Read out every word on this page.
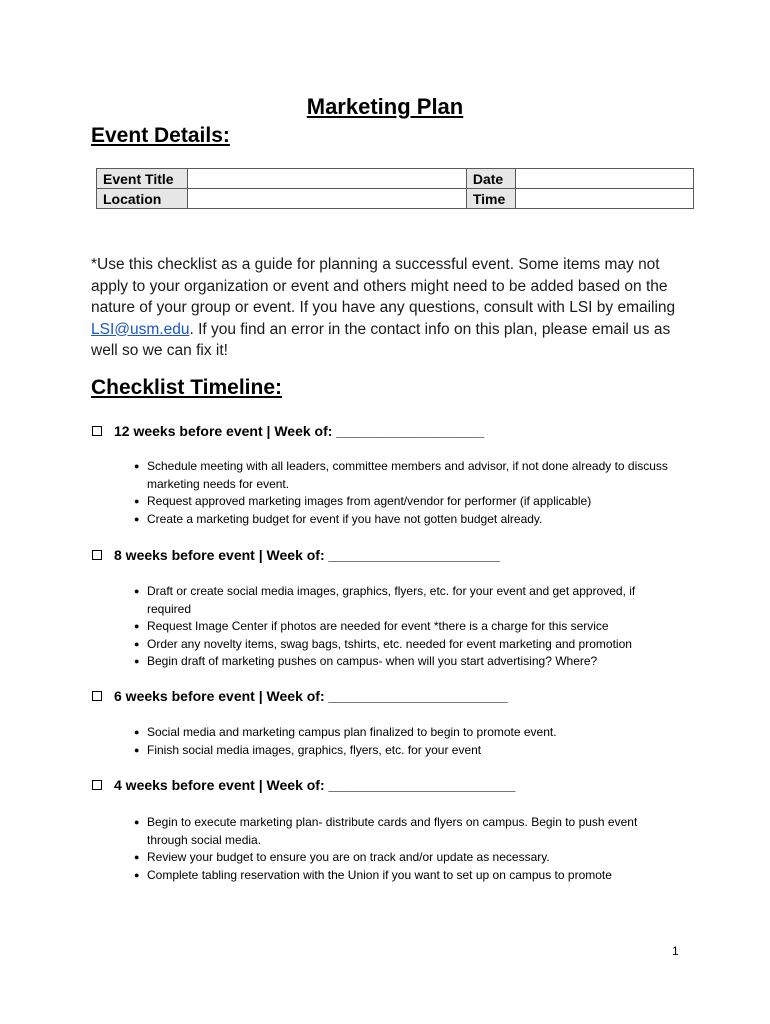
Marketing Plan
Event Details:
Event Title		Date	
Location		Time	
*Use this checklist as a guide for planning a successful event. Some items may not apply to your organization or event and others might need to be added based on the nature of your group or event. If you have any questions, consult with LSI by emailing LSI@usm.edu. If you find an error in the contact info on this plan, please email us as well so we can fix it!
Checklist Timeline:
12 weeks before event | Week of: ___________________
● Schedule meeting with all leaders, committee members and advisor, if not done already to discuss marketing needs for event.
● Request approved marketing images from agent/vendor for performer (if applicable)
● Create a marketing budget for event if you have not gotten budget already.
8 weeks before event | Week of: ______________________
● Draft or create social media images, graphics, flyers, etc. for your event and get approved, if required
● Request Image Center if photos are needed for event *there is a charge for this service
● Order any novelty items, swag bags, tshirts, etc. needed for event marketing and promotion
● Begin draft of marketing pushes on campus- when will you start advertising? Where?
6 weeks before event | Week of: _______________________
● Social media and marketing campus plan finalized to begin to promote event.
● Finish social media images, graphics, flyers, etc. for your event
4 weeks before event | Week of: ________________________
● Begin to execute marketing plan- distribute cards and flyers on campus. Begin to push event through social media.
● Review your budget to ensure you are on track and/or update as necessary.
● Complete tabling reservation with the Union if you want to set up on campus to promote
1
